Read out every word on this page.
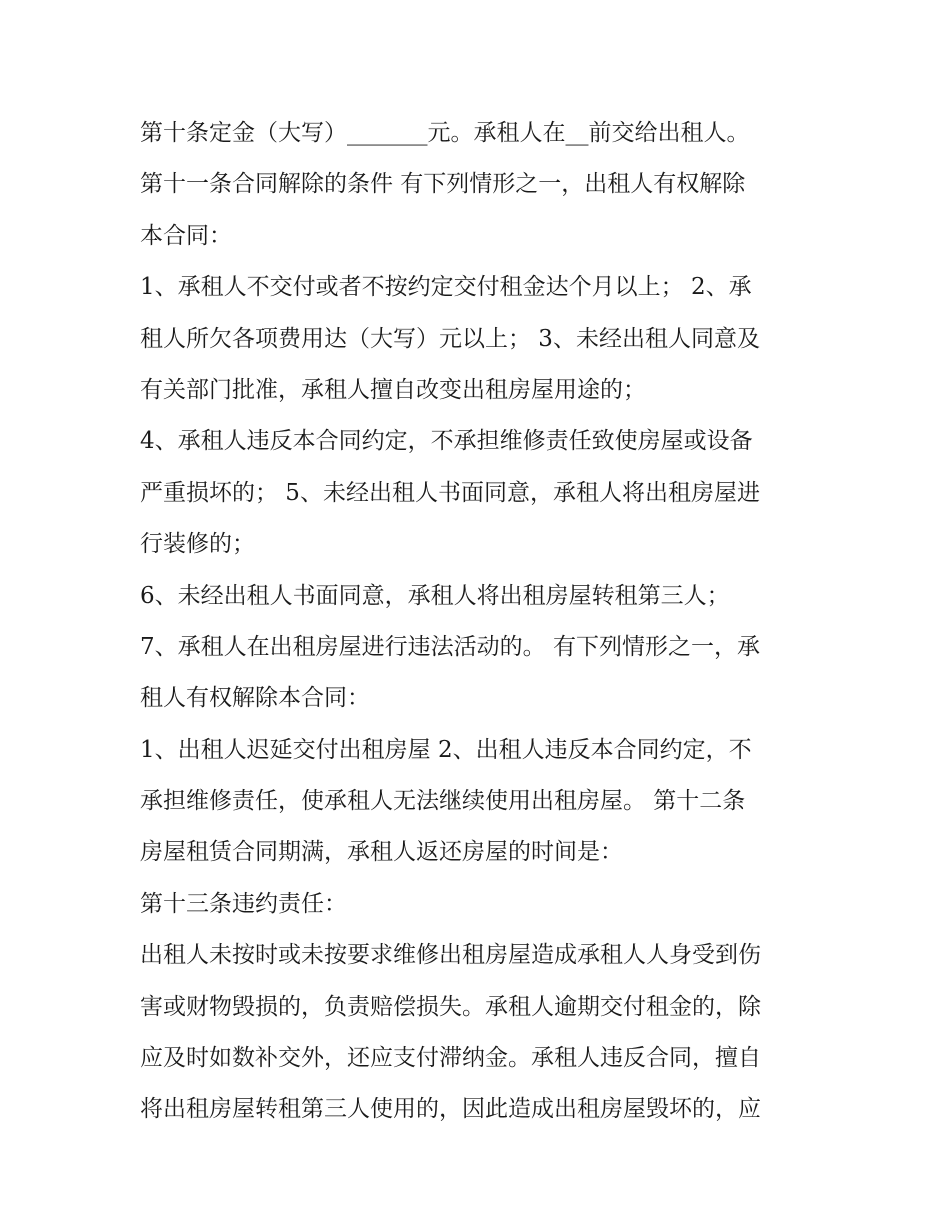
第十条定金（大写）_______元。承租人在__前交给出租人。
第十一条合同解除的条件 有下列情形之一，出租人有权解除
本合同：
1、承租人不交付或者不按约定交付租金达个月以上； 2、承
租人所欠各项费用达（大写）元以上； 3、未经出租人同意及
有关部门批准，承租人擅自改变出租房屋用途的；
4、承租人违反本合同约定，不承担维修责任致使房屋或设备
严重损坏的； 5、未经出租人书面同意，承租人将出租房屋进
行装修的；
6、未经出租人书面同意，承租人将出租房屋转租第三人；
7、承租人在出租房屋进行违法活动的。 有下列情形之一，承
租人有权解除本合同：
1、出租人迟延交付出租房屋 2、出租人违反本合同约定，不
承担维修责任，使承租人无法继续使用出租房屋。 第十二条
房屋租赁合同期满，承租人返还房屋的时间是：
第十三条违约责任：
出租人未按时或未按要求维修出租房屋造成承租人人身受到伤
害或财物毁损的，负责赔偿损失。承租人逾期交付租金的，除
应及时如数补交外，还应支付滞纳金。承租人违反合同，擅自
将出租房屋转租第三人使用的，因此造成出租房屋毁坏的，应
